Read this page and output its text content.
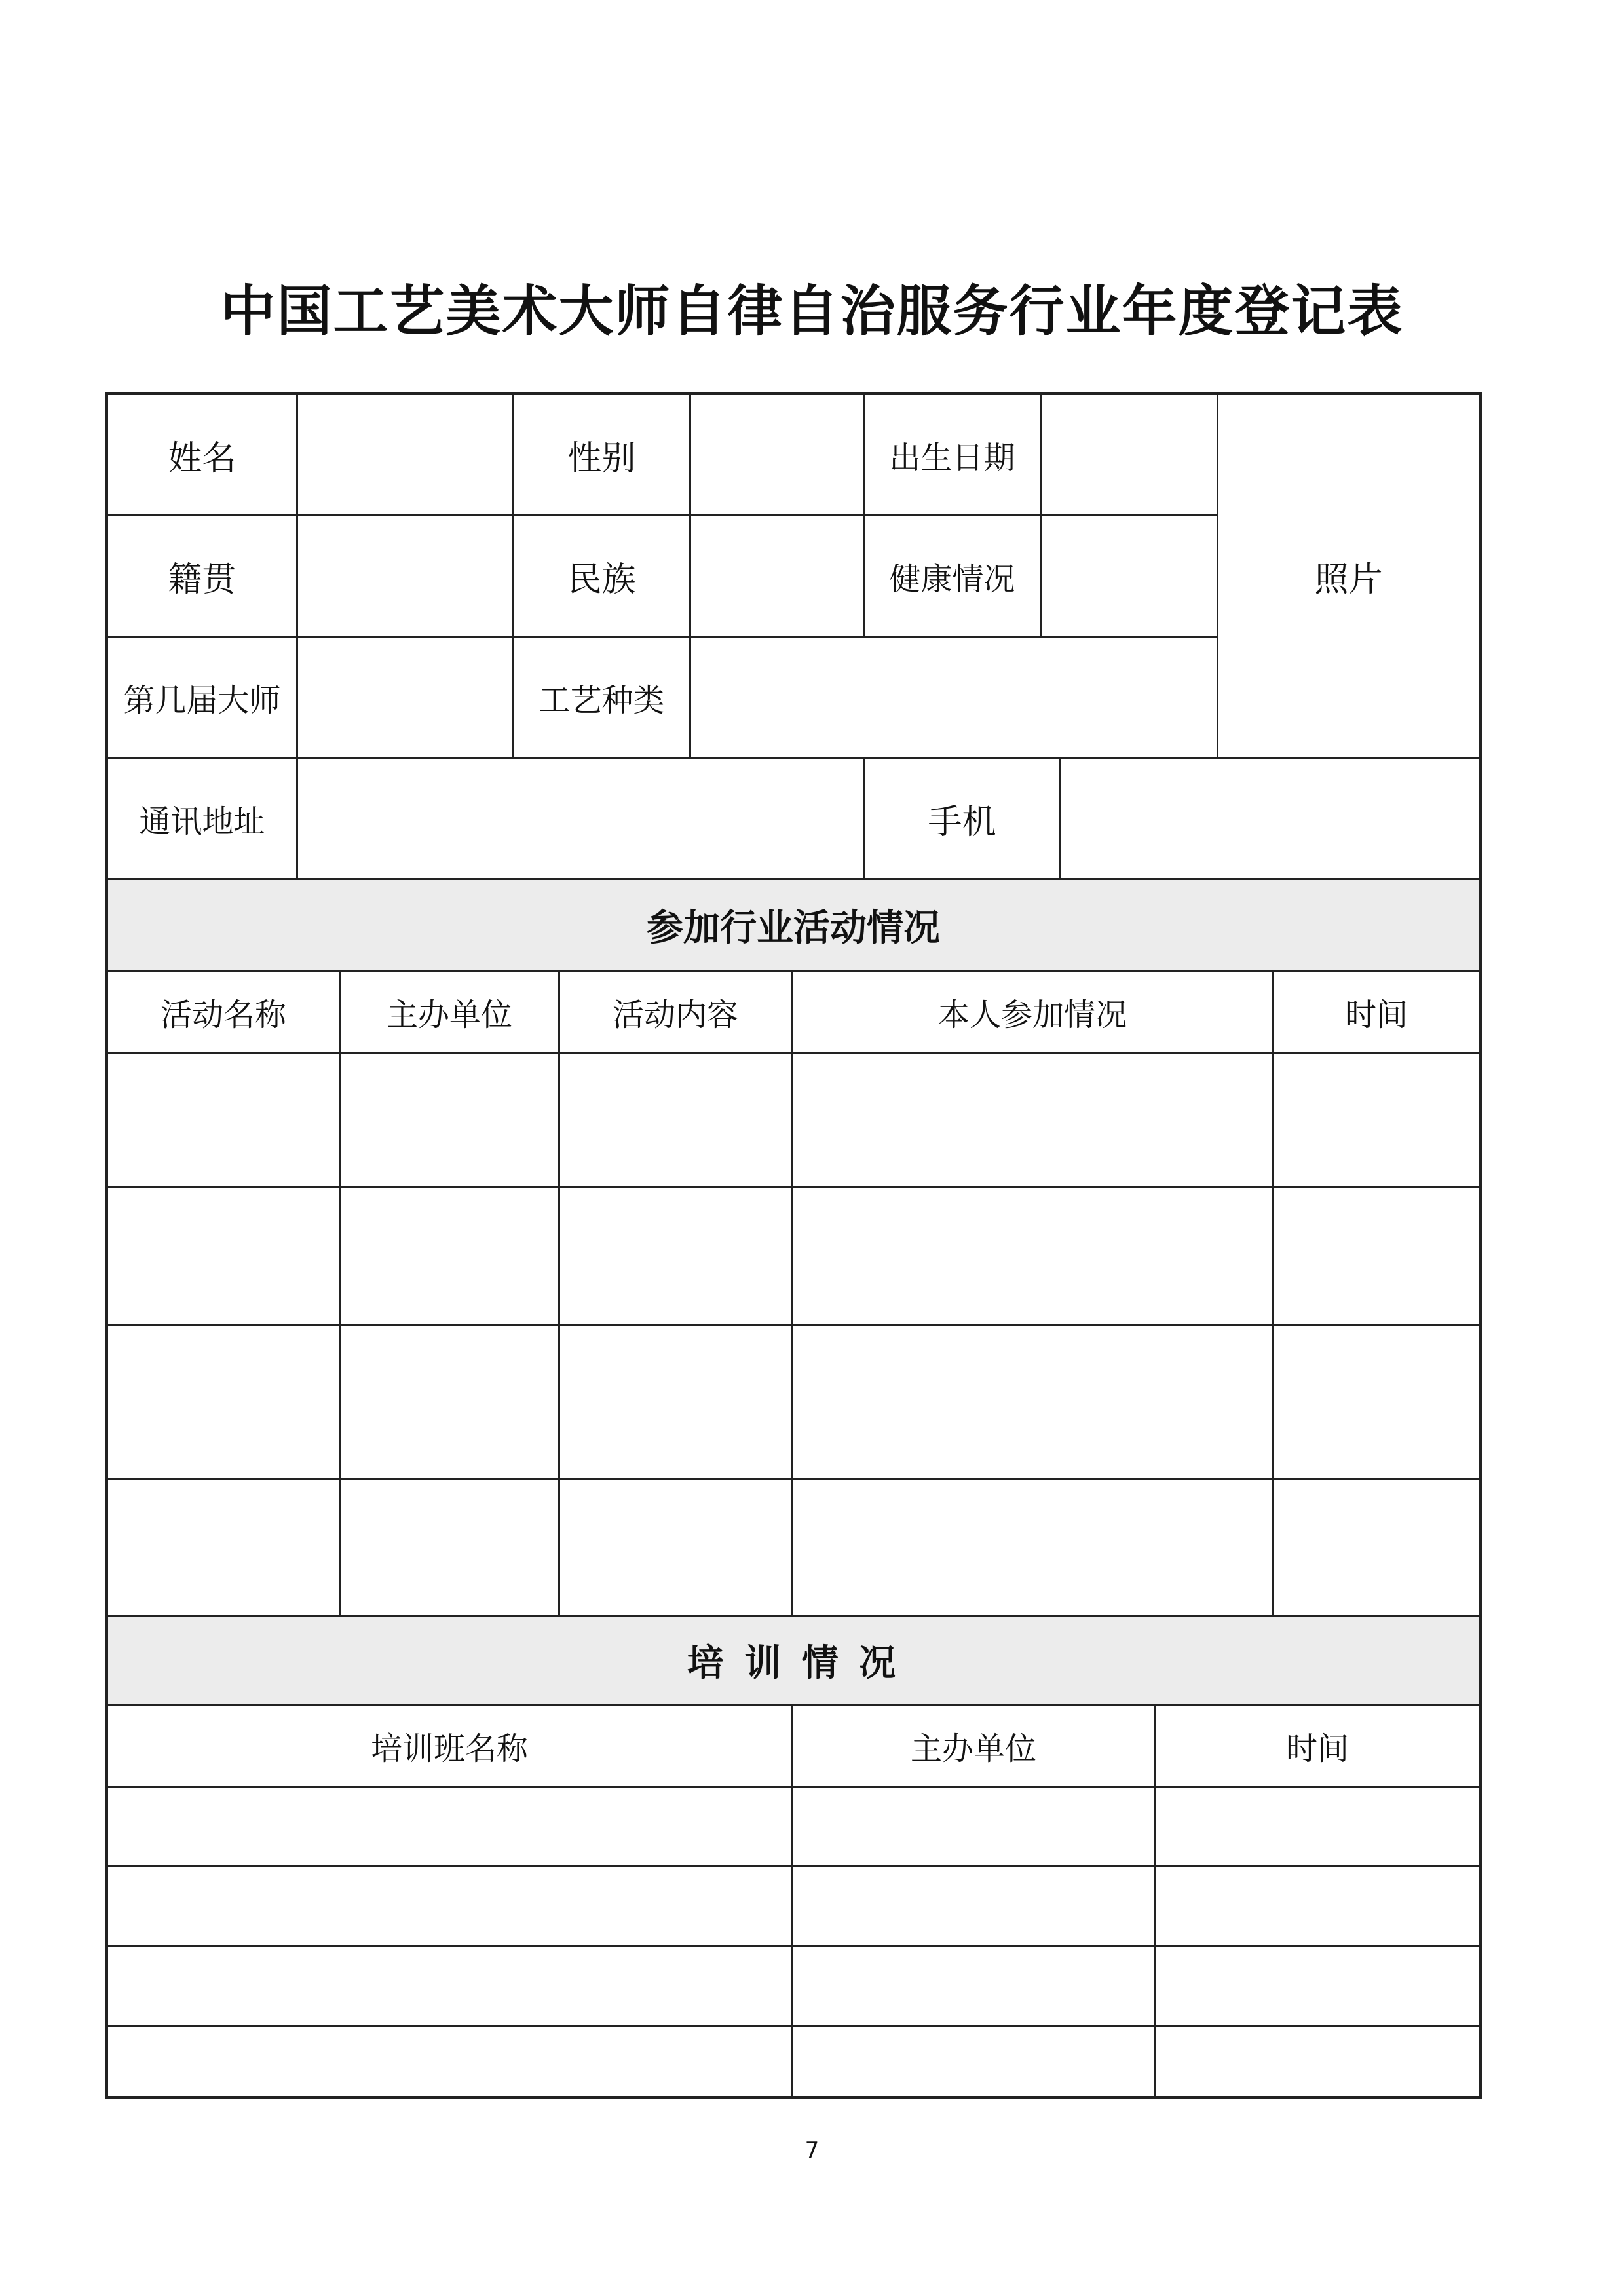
中国工艺美术大师自律自治服务行业年度登记表
姓名	性别	出生日期
照片
籍贯	民族	健康情况
第几届大师	工艺种类
通讯地址	手机
参加行业活动情况
活动名称	主办单位	活动内容	本人参加情况	时间
培 训 情 况
培训班名称	主办单位	时间
7
